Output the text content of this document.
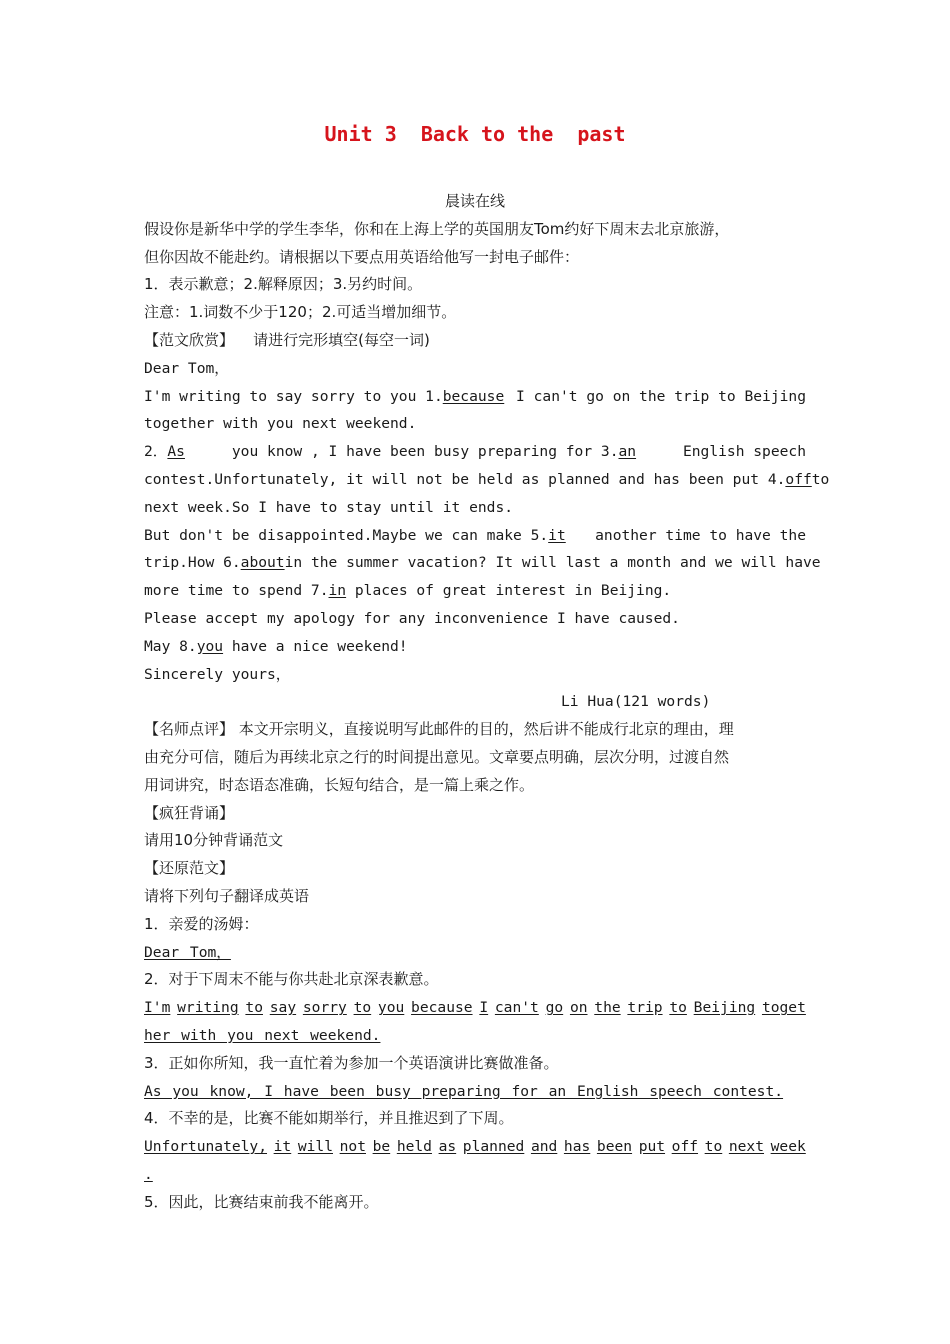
Unit 3  Back to the  past
晨读在线
假设你是新华中学的学生李华，你和在上海上学的英国朋友Tom约好下周末去北京旅游，
但你因故不能赴约。请根据以下要点用英语给他写一封电子邮件：
1．表示歉意；2.解释原因；3.另约时间。
注意：1.词数不少于120；2.可适当增加细节。
【范文欣赏】 请进行完形填空(每空一词)
Dear Tom，
I'm writing to say sorry to you 1.because I can't go on the trip to Beijing
together with you next weekend.
2．As	you know , I have been busy preparing for 3.an	English speech
contest.Unfortunately, it will not be held as planned and has been put 4.off to
next week.So I have to stay until it ends.
But don't be disappointed.Maybe we can make 5.it another time to have the
trip.How 6.about in the summer vacation? It will last a month and we will have
more time to spend 7.in places of great interest in Beijing.
Please accept my apology for any inconvenience I have caused.
May 8.you have a nice weekend!
Sincerely yours，
Li Hua(121 words)
【名师点评】 本文开宗明义，直接说明写此邮件的目的，然后讲不能成行北京的理由，理
由充分可信，随后为再续北京之行的时间提出意见。文章要点明确，层次分明，过渡自然
用词讲究，时态语态准确，长短句结合，是一篇上乘之作。
【疯狂背诵】
请用10分钟背诵范文
【还原范文】
请将下列句子翻译成英语
1．亲爱的汤姆：
Dear Tom，
2．对于下周末不能与你共赴北京深表歉意。
I'm writing to say sorry to you because I can't go on the trip to Beijing toget
her with you next weekend.
3．正如你所知，我一直忙着为参加一个英语演讲比赛做准备。
As you know, I have been busy preparing for an English speech contest.
4．不幸的是，比赛不能如期举行，并且推迟到了下周。
Unfortunately, it will not be held as planned and has been put off to next week
.
5．因此，比赛结束前我不能离开。
